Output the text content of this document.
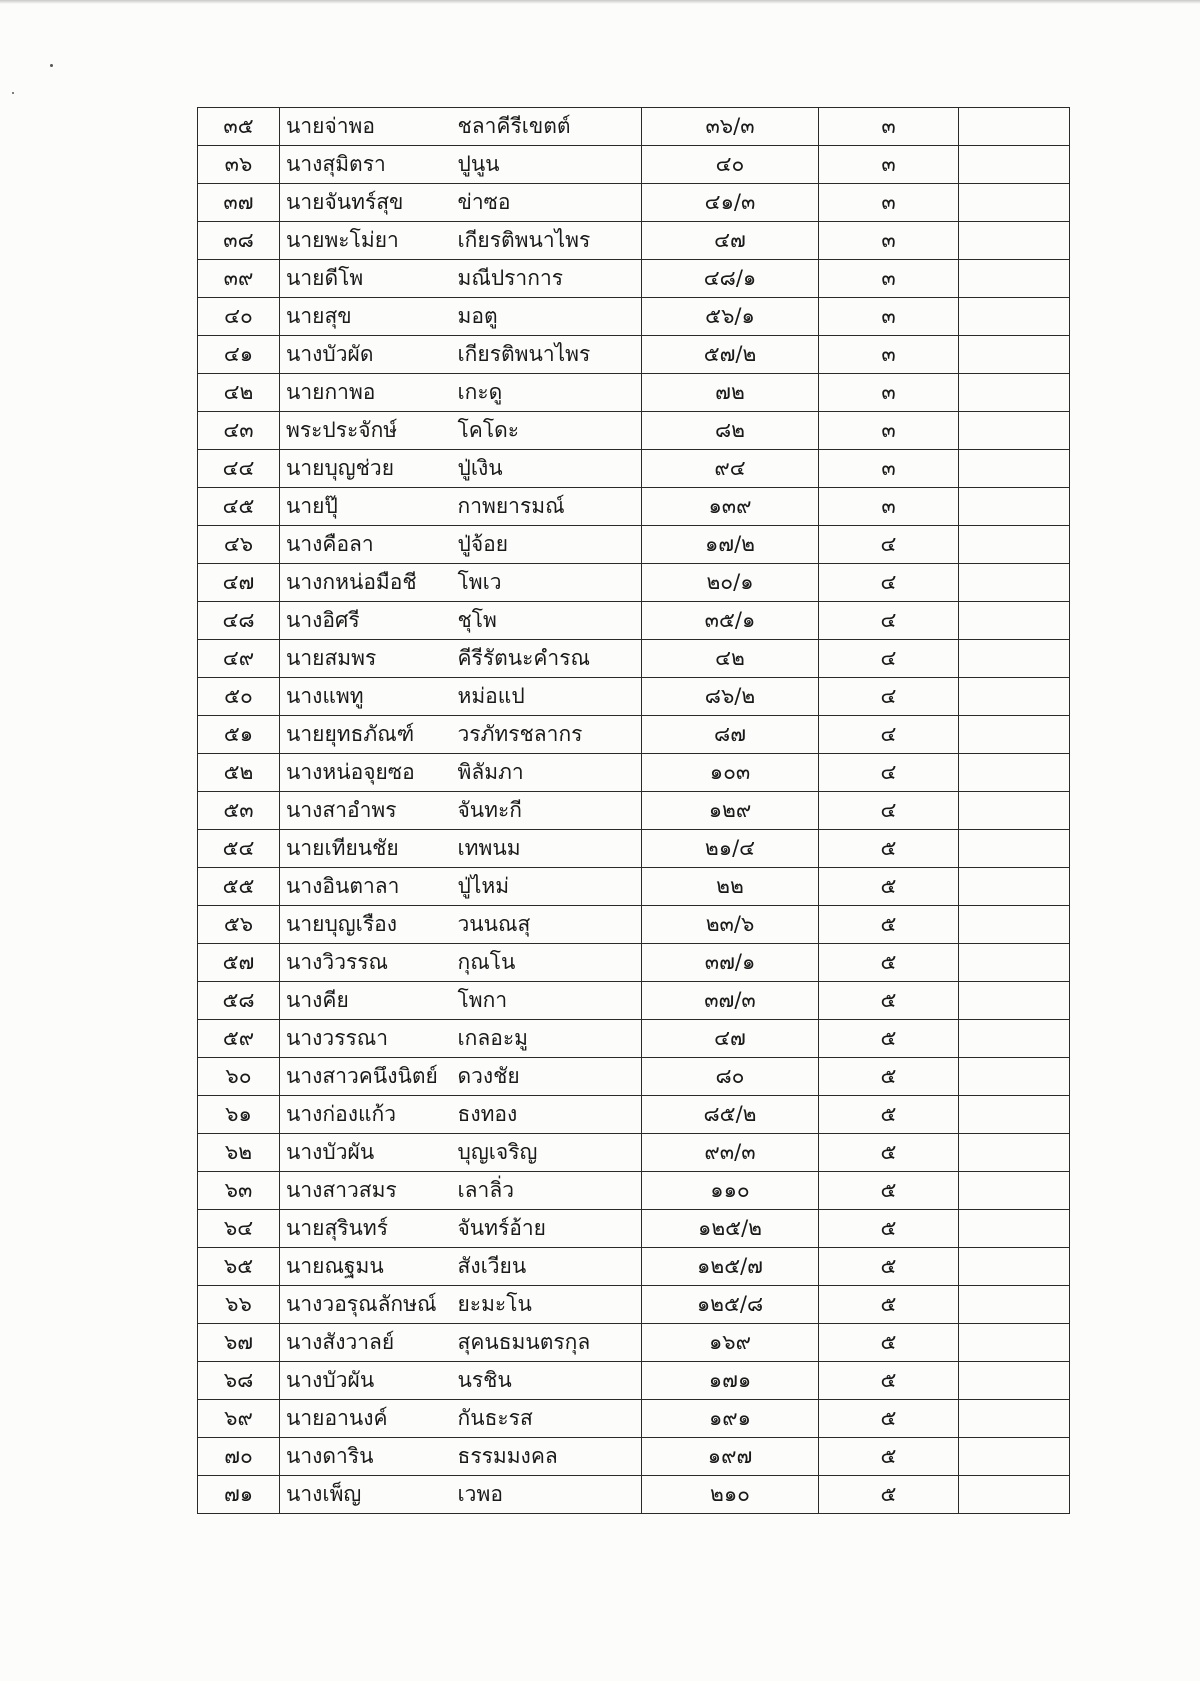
๓๕	นายจ่าพอ	ชลาคีรีเขตต์	๓๖/๓	๓	
๓๖	นางสุมิตรา	ปูนูน	๔๐	๓	
๓๗	นายจันทร์สุข	ข่าซอ	๔๑/๓	๓	
๓๘	นายพะโม่ยา	เกียรติพนาไพร	๔๗	๓	
๓๙	นายดีโพ	มณีปราการ	๔๘/๑	๓	
๔๐	นายสุข	มอตู	๕๖/๑	๓	
๔๑	นางบัวผัด	เกียรติพนาไพร	๕๗/๒	๓	
๔๒	นายกาพอ	เกะดู	๗๒	๓	
๔๓	พระประจักษ์	โคโดะ	๘๒	๓	
๔๔	นายบุญช่วย	ปู่เงิน	๙๔	๓	
๔๕	นายปุ๊	กาพยารมณ์	๑๓๙	๓	
๔๖	นางคือลา	ปู่จ้อย	๑๗/๒	๔	
๔๗	นางกหน่อมือชี	โพเว	๒๐/๑	๔	
๔๘	นางอิศรี	ชุโพ	๓๕/๑	๔	
๔๙	นายสมพร	คีรีรัตนะคำรณ	๔๒	๔	
๕๐	นางแพทู	หม่อแป	๘๖/๒	๔	
๕๑	นายยุทธภัณฑ์	วรภัทรชลากร	๘๗	๔	
๕๒	นางหน่อจุยซอ	พิลัมภา	๑๐๓	๔	
๕๓	นางสาอำพร	จันทะกี	๑๒๙	๔	
๕๔	นายเทียนชัย	เทพนม	๒๑/๔	๕	
๕๕	นางอินตาลา	ปู่ไหม่	๒๒	๕	
๕๖	นายบุญเรือง	วนนณสุ	๒๓/๖	๕	
๕๗	นางวิวรรณ	กุณโน	๓๗/๑	๕	
๕๘	นางคีย	โพกา	๓๗/๓	๕	
๕๙	นางวรรณา	เกลอะมู	๔๗	๕	
๖๐	นางสาวคนึงนิตย์	ดวงชัย	๘๐	๕	
๖๑	นางก่องแก้ว	ธงทอง	๘๕/๒	๕	
๖๒	นางบัวผัน	บุญเจริญ	๙๓/๓	๕	
๖๓	นางสาวสมร	เลาลิ่ว	๑๑๐	๕	
๖๔	นายสุรินทร์	จันทร์อ้าย	๑๒๕/๒	๕	
๖๕	นายณฐมน	สังเวียน	๑๒๕/๗	๕	
๖๖	นางวอรุณลักษณ์	ยะมะโน	๑๒๕/๘	๕	
๖๗	นางสังวาลย์	สุคนธมนตรกุล	๑๖๙	๕	
๖๘	นางบัวผัน	นรชิน	๑๗๑	๕	
๖๙	นายอานงค์	กันธะรส	๑๙๑	๕	
๗๐	นางดาริน	ธรรมมงคล	๑๙๗	๕	
๗๑	นางเพ็ญ	เวพอ	๒๑๐	๕	
